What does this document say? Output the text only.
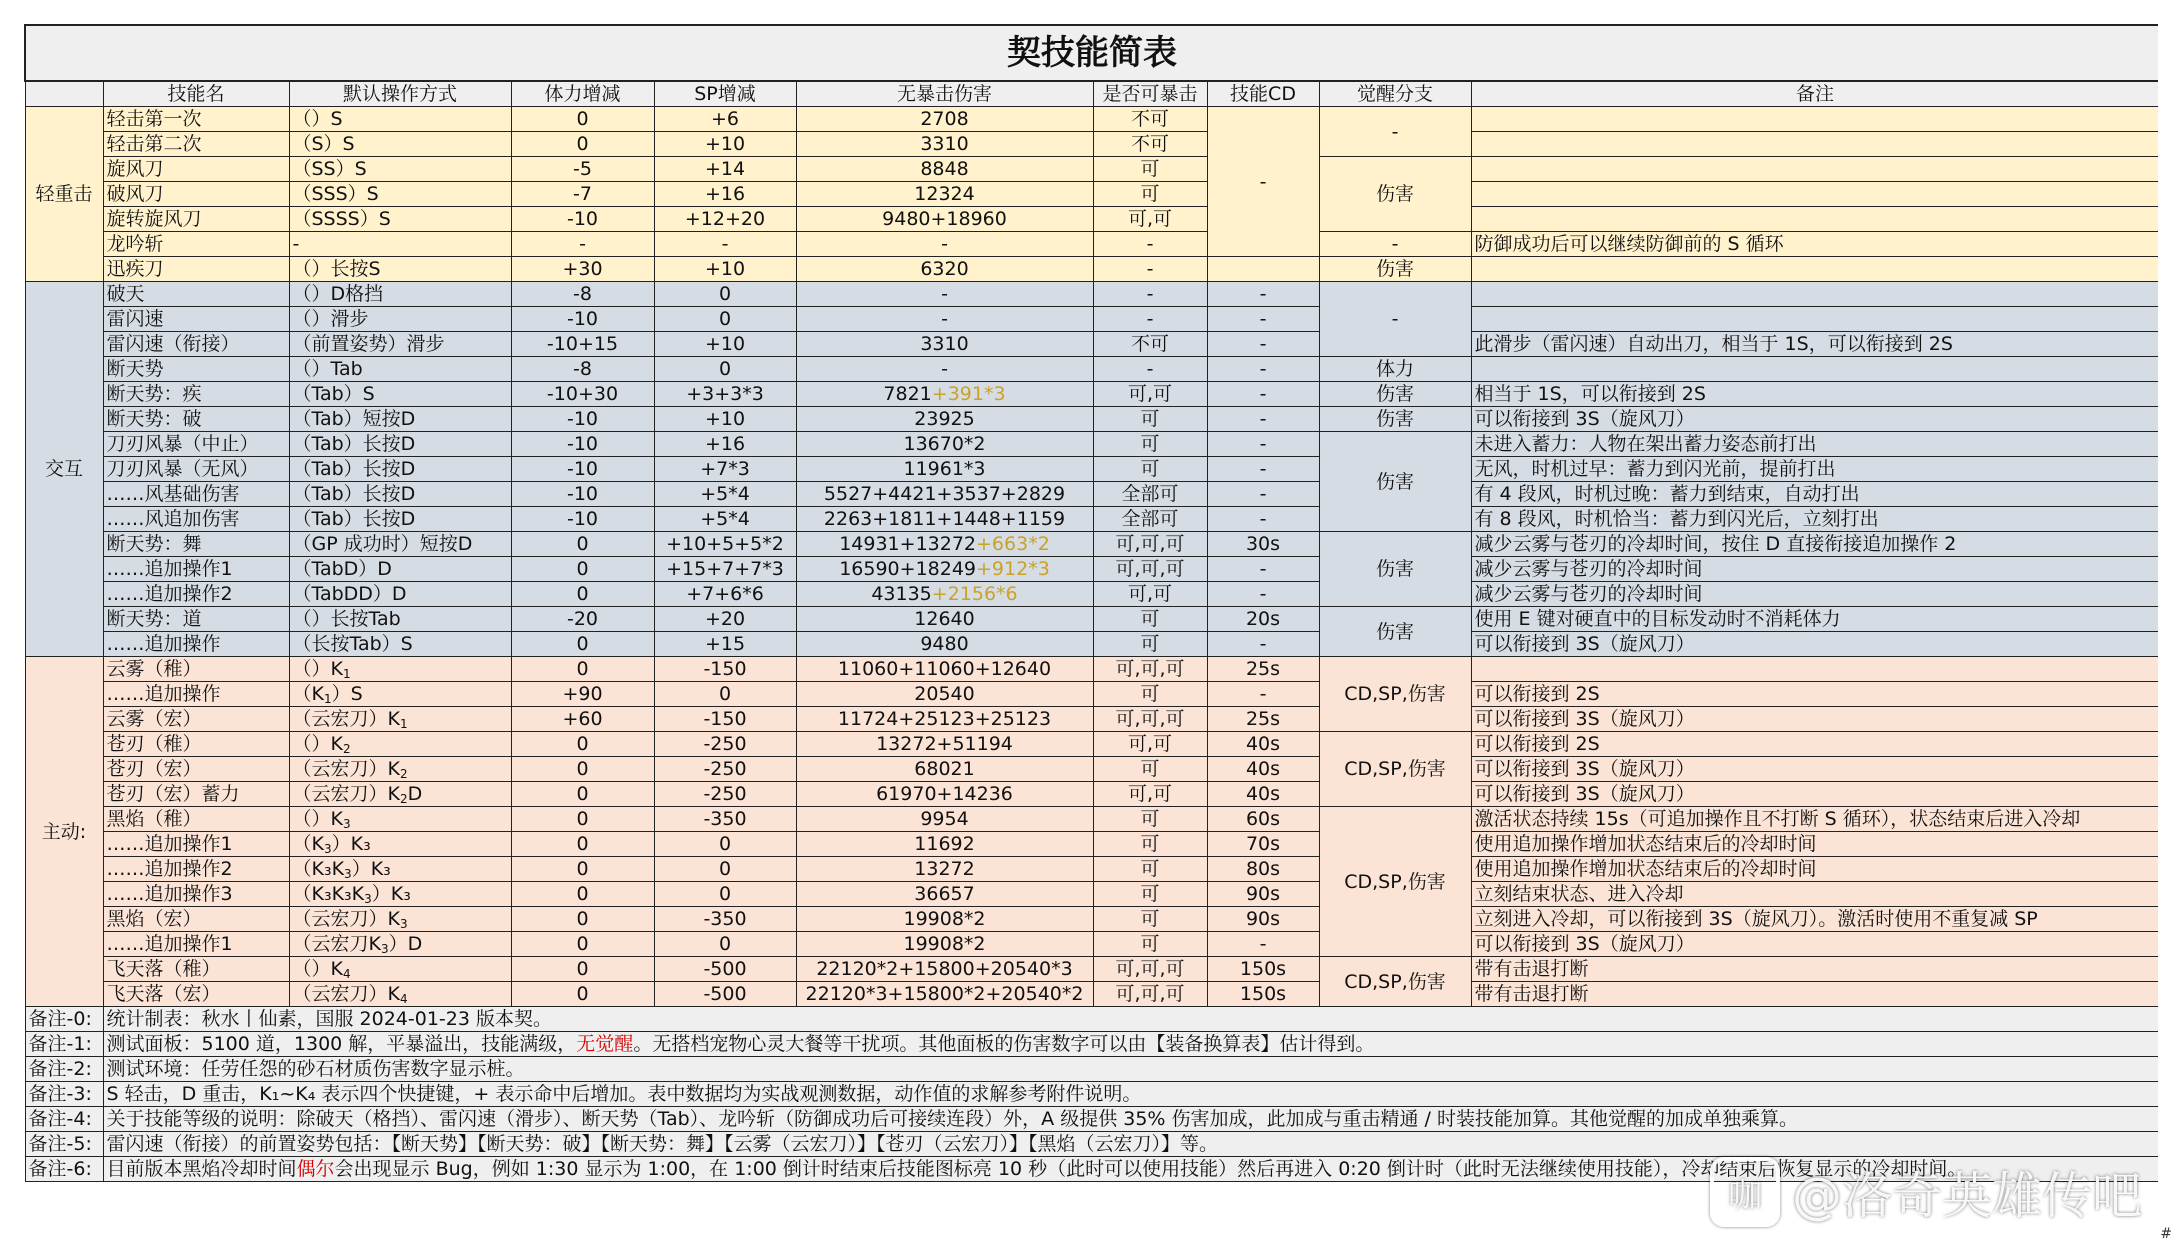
契技能简表									
	技能名	默认操作方式	体力增减	SP增减	无暴击伤害	是否可暴击	技能CD	觉醒分支	备注
轻重击	轻击第一次	（）S	0	+6	2708	不可	-	-	
	轻击第二次	（S）S	0	+10	3310	不可			
	旋风刀	（SS）S	-5	+14	8848	可		伤害	
	破风刀	（SSS）S	-7	+16	12324	可			
	旋转旋风刀	（SSSS）S	-10	+12+20	9480+18960	可,可			
	龙吟斩	-	-	-	-	-		-	防御成功后可以继续防御前的 S 循环
	迅疾刀	（）长按S	+30	+10	6320	-		伤害	
交互	破天	（）D格挡	-8	0	-	-	-	-	
	雷闪速	（）滑步	-10	0	-	-	-		
	雷闪速（衔接）	（前置姿势）滑步	-10+15	+10	3310	不可	-		此滑步（雷闪速）自动出刀，相当于 1S，可以衔接到 2S
	断天势	（）Tab	-8	0	-	-	-	体力	
	断天势：疾	（Tab）S	-10+30	+3+3*3	7821+391*3	可,可	-	伤害	相当于 1S，可以衔接到 2S
	断天势：破	（Tab）短按D	-10	+10	23925	可	-	伤害	可以衔接到 3S（旋风刀）
	刀刃风暴（中止）	（Tab）长按D	-10	+16	13670*2	可	-	伤害	未进入蓄力：人物在架出蓄力姿态前打出
	刀刃风暴（无风）	（Tab）长按D	-10	+7*3	11961*3	可	-		无风，时机过早：蓄力到闪光前，提前打出
	……风基础伤害	（Tab）长按D	-10	+5*4	5527+4421+3537+2829	全部可	-		有 4 段风，时机过晚：蓄力到结束，自动打出
	……风追加伤害	（Tab）长按D	-10	+5*4	2263+1811+1448+1159	全部可	-		有 8 段风，时机恰当：蓄力到闪光后，立刻打出
	断天势：舞	（GP 成功时）短按D	0	+10+5+5*2	14931+13272+663*2	可,可,可	30s	伤害	减少云雾与苍刃的冷却时间，按住 D 直接衔接追加操作 2
	……追加操作1	（TabD）D	0	+15+7+7*3	16590+18249+912*3	可,可,可	-		减少云雾与苍刃的冷却时间
	……追加操作2	（TabDD）D	0	+7+6*6	43135+2156*6	可,可	-		减少云雾与苍刃的冷却时间
	断天势：道	（）长按Tab	-20	+20	12640	可	20s	伤害	使用 E 键对硬直中的目标发动时不消耗体力
	……追加操作	（长按Tab）S	0	+15	9480	可	-		可以衔接到 3S（旋风刀）
主动:	云雾（稚）	$()K_1$	0	-150	11060+11060+12640	可,可,可	25s	CD,SP,伤害	
	……追加操作	$(K_1)S$	+90	0	20540	可	-		可以衔接到 2S
	云雾（宏）	（云宏刀）$K_1$	+60	-150	11724+25123+25123	可,可,可	25s		可以衔接到 3S（旋风刀）
	苍刃（稚）	$()K_2$	0	-250	13272+51194	可,可	40s	CD,SP,伤害	可以衔接到 2S
	苍刃（宏）	（云宏刀）$K_2$	0	-250	68021	可	40s		可以衔接到 3S（旋风刀）
	苍刃（宏）蓄力	（云宏刀）$K_2D$	0	-250	61970+14236	可,可	40s		可以衔接到 3S（旋风刀）
	黑焰（稚）	$()K_3$	0	-350	9954	可	60s	CD,SP,伤害	激活状态持续 15s（可追加操作且不打断 S 循环），状态结束后进入冷却
	……追加操作1	$(K_3)K_3$	0	0	11692	可	70s		使用追加操作增加状态结束后的冷却时间
	……追加操作2	$(K_3K_3)K_3$	0	0	13272	可	80s		使用追加操作增加状态结束后的冷却时间
	……追加操作3	$(K_3K_3K_3)K_3$	0	0	36657	可	90s		立刻结束状态、进入冷却
	黑焰（宏）	（云宏刀）$K_3$	0	-350	19908*2	可	90s		立刻进入冷却，可以衔接到 3S（旋风刀）。激活时使用不重复减 SP
	……追加操作1	（云宏刀$K_3)D$	0	0	19908*2	可	-		可以衔接到 3S（旋风刀）
	飞天落（稚）	$()K_4$	0	-500	22120*2+15800+20540*3	可,可,可	150s	CD,SP,伤害	带有击退打断
	飞天落（宏）	（云宏刀）$K_4$	0	-500	22120*3+15800*2+20540*2	可,可,可	150s		带有击退打断
备注-0:	统计制表：秋水丨仙素，国服 2024-01-23 版本契。								
备注-1:	测试面板：5100 道，1300 解，平暴溢出，技能满级，无觉醒。无搭档宠物心灵大餐等干扰项。其他面板的伤害数字可以由【装备换算表】估计得到。								
备注-2:	测试环境：任劳任怨的砂石材质伤害数字显示桩。								
备注-3:	S 轻击，D 重击，K₁~K₄ 表示四个快捷键，+ 表示命中后增加。表中数据均为实战观测数据，动作值的求解参考附件说明。								
备注-4:	关于技能等级的说明：除破天（格挡）、雷闪速（滑步）、断天势（Tab）、龙吟斩（防御成功后可接续连段）外，A 级提供 35% 伤害加成，此加成与重击精通 / 时装技能加算。其他觉醒的加成单独乘算。								
备注-5:	雷闪速（衔接）的前置姿势包括：【断天势】【断天势：破】【断天势：舞】【云雾（云宏刀）】【苍刃（云宏刀）】【黑焰（云宏刀）】等。								
备注-6:	目前版本黑焰冷却时间偶尔会出现显示 Bug，例如 1:30 显示为 1:00，在 1:00 倒计时结束后技能图标亮 10 秒（此时可以使用技能）然后再进入 0:20 倒计时（此时无法继续使用技能），冷却结束后恢复显示的冷却时间。								
咖 @洛奇英雄传吧
#
